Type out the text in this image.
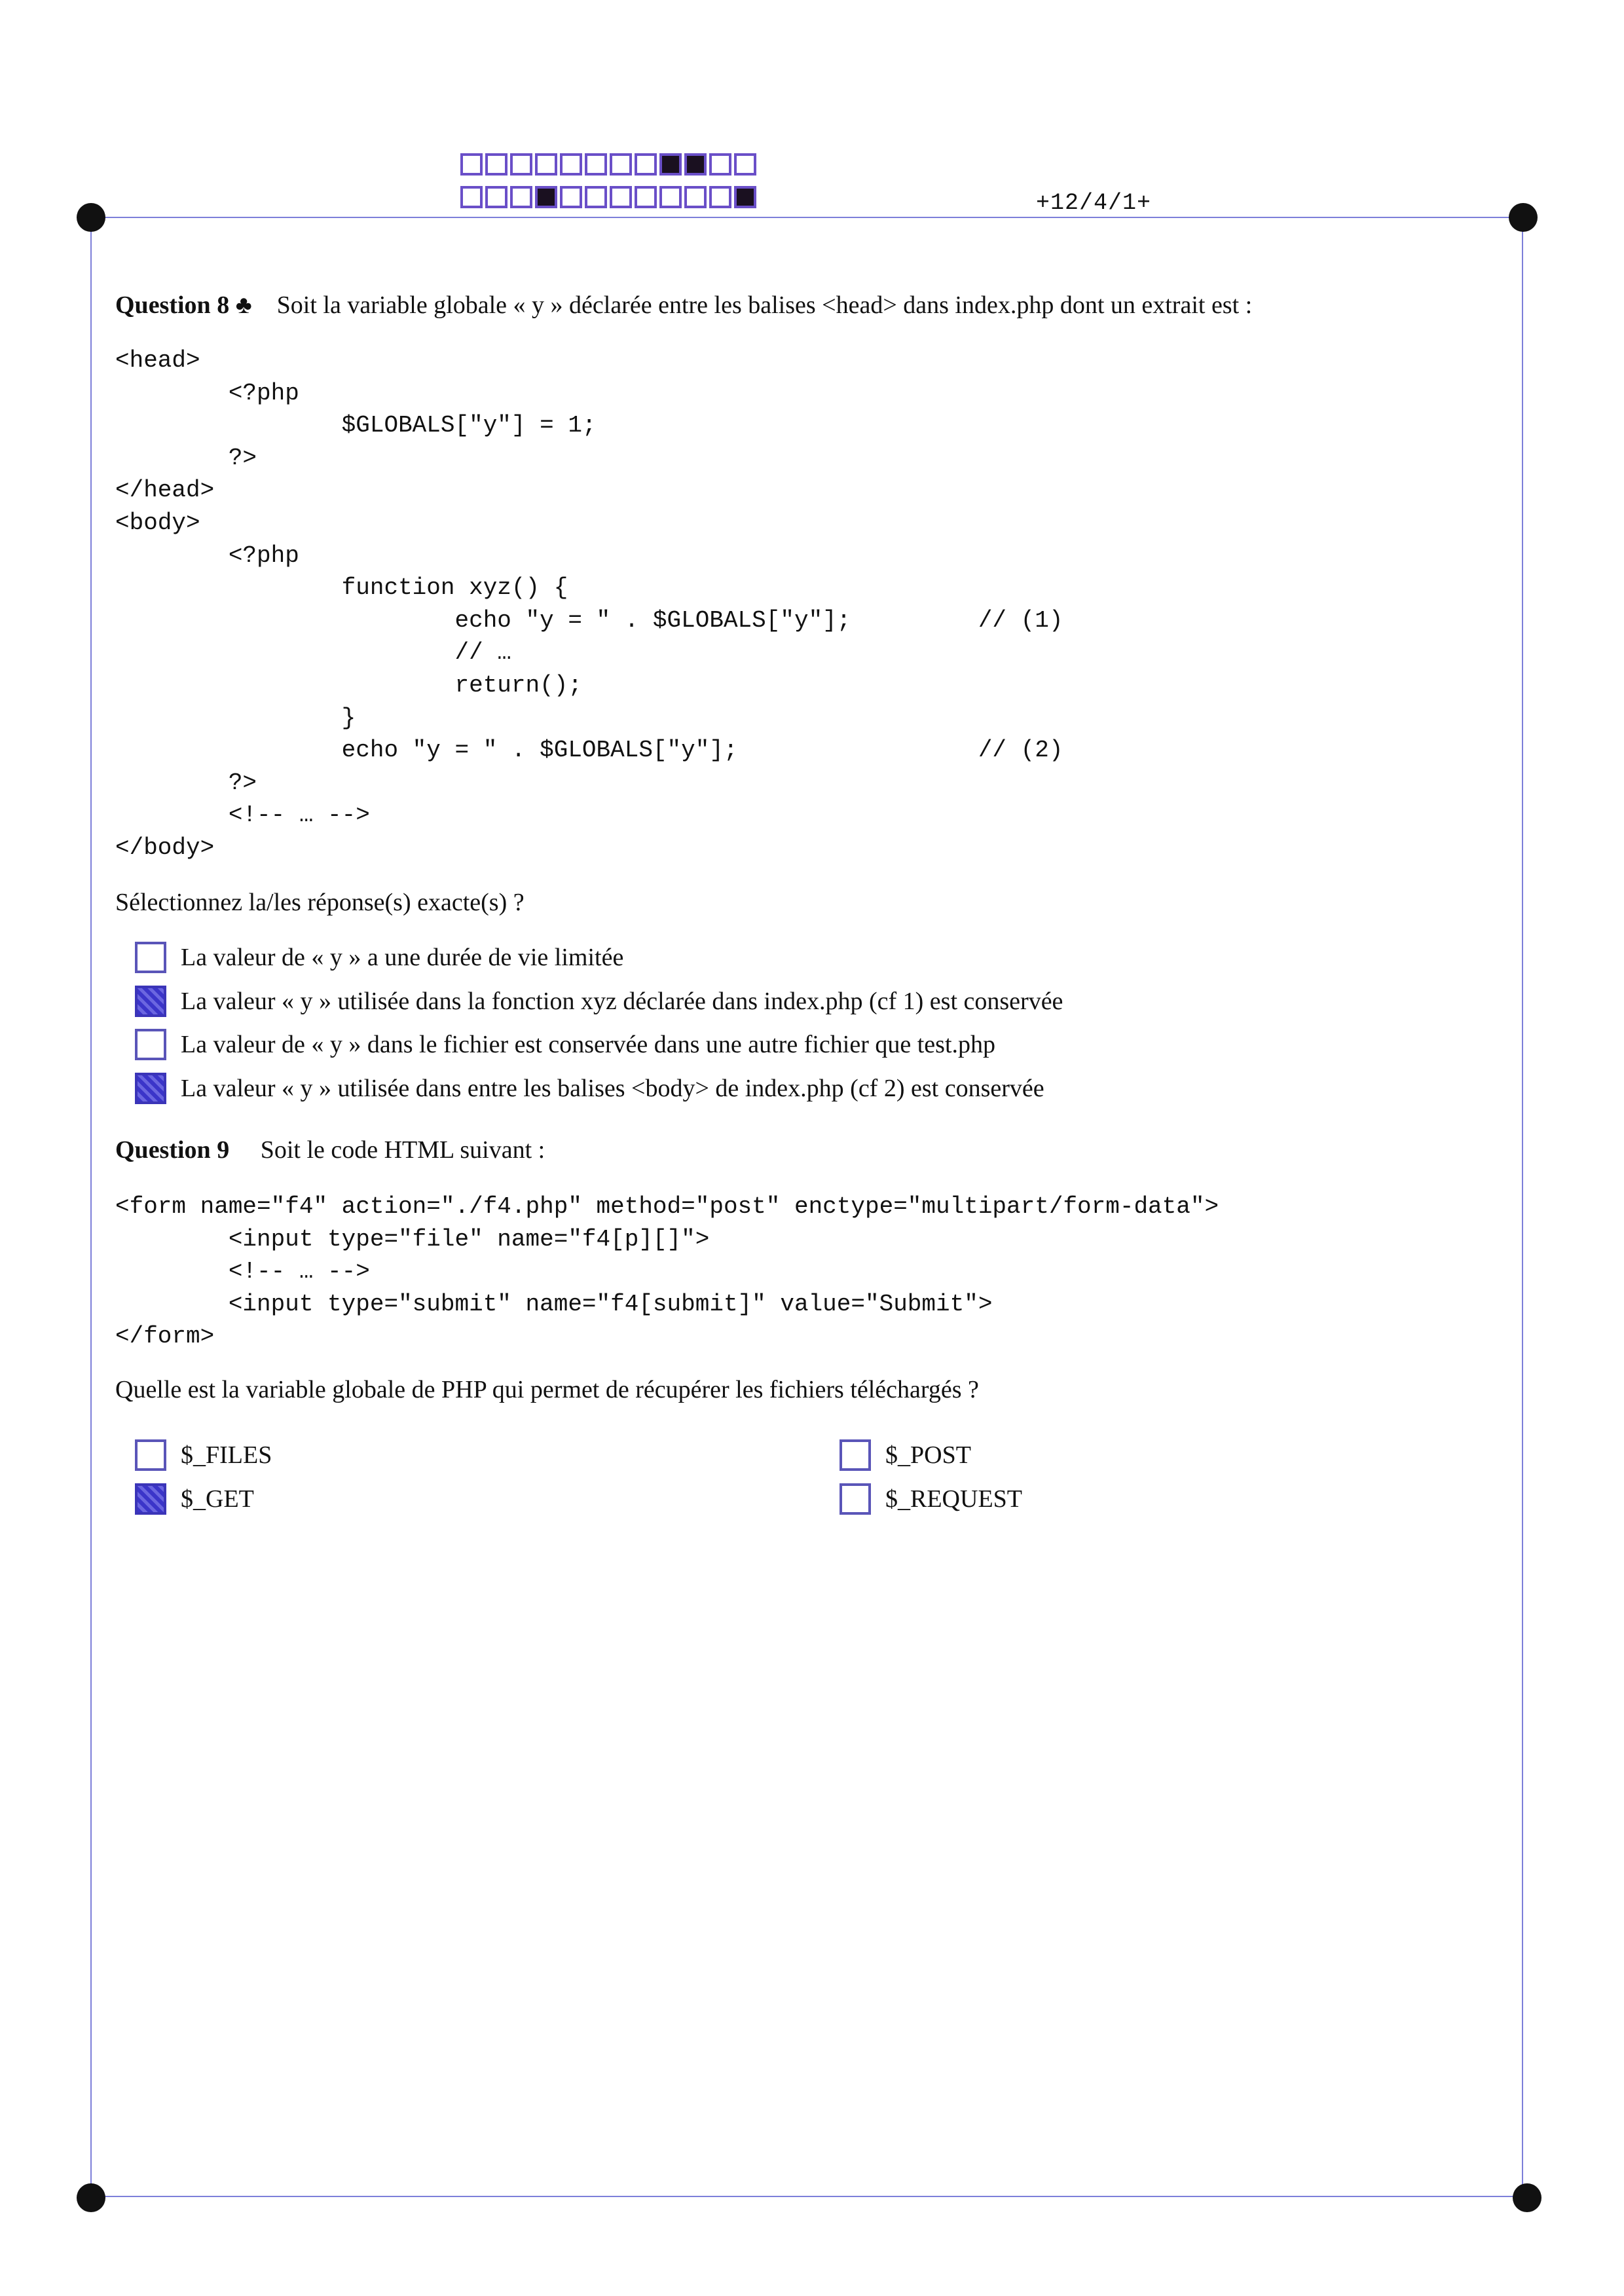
+12/4/1+
Question 8 ♣ Soit la variable globale « y » déclarée entre les balises <head> dans index.php dont un extrait est :
<head>
<?php
$GLOBALS["y"] = 1;
?>
</head>
<body>
<?php
function xyz() {
echo "y = " . $GLOBALS["y"];         // (1)
// …
return();
}
echo "y = " . $GLOBALS["y"];                 // (2)
?>
<!-- … -->
</body>
Sélectionnez la/les réponse(s) exacte(s) ?
La valeur de « y » a une durée de vie limitée
La valeur « y » utilisée dans la fonction xyz déclarée dans index.php (cf 1) est conservée
La valeur de « y » dans le fichier est conservée dans une autre fichier que test.php
La valeur « y » utilisée dans entre les balises <body> de index.php (cf 2) est conservée
Question 9 Soit le code HTML suivant :
<form name="f4" action="./f4.php" method="post" enctype="multipart/form-data">
<input type="file" name="f4[p][]">
<!-- … -->
<input type="submit" name="f4[submit]" value="Submit">
</form>
Quelle est la variable globale de PHP qui permet de récupérer les fichiers téléchargés ?
$_FILES
$_GET
$_POST
$_REQUEST
